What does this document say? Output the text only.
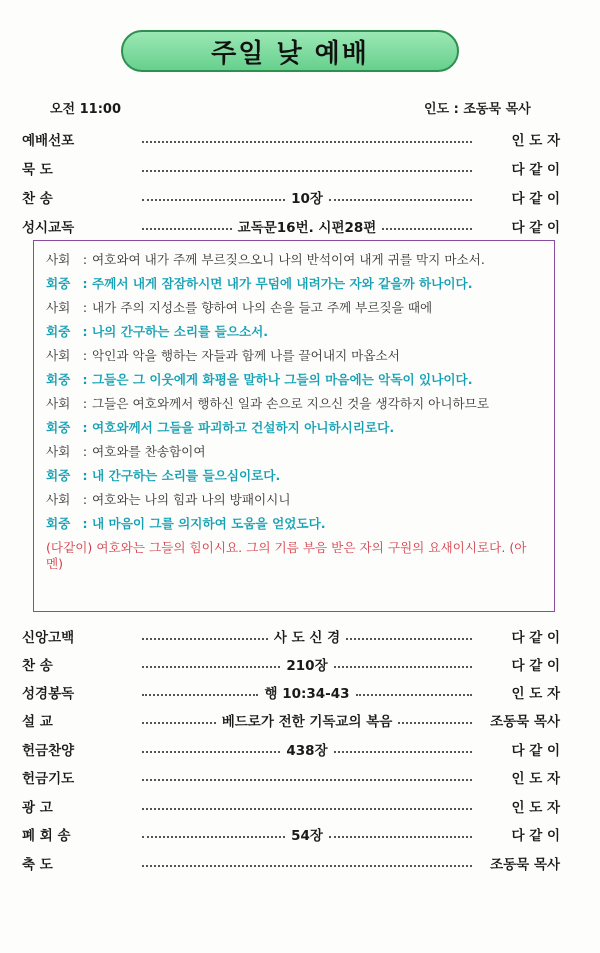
주일 낮 예배
오전 11:00	인도 : 조동묵 목사
예배선포	인 도 자
묵 도	다 같 이
찬 송	10장	다 같 이
성시교독	교독문16번. 시편28편	다 같 이
사회 : 여호와여 내가 주께 부르짖으오니 나의 반석이여 내게 귀를 막지 마소서.
회중 : 주께서 내게 잠잠하시면 내가 무덤에 내려가는 자와 같을까 하나이다.
사회 : 내가 주의 지성소를 향하여 나의 손을 들고 주께 부르짖을 때에
회중 : 나의 간구하는 소리를 들으소서.
사회 : 악인과 악을 행하는 자들과 함께 나를 끌어내지 마옵소서
회중 : 그들은 그 이웃에게 화평을 말하나 그들의 마음에는 악독이 있나이다.
사회 : 그들은 여호와께서 행하신 일과 손으로 지으신 것을 생각하지 아니하므로
회중 : 여호와께서 그들을 파괴하고 건설하지 아니하시리로다.
사회 : 여호와를 찬송함이여
회중 : 내 간구하는 소리를 들으심이로다.
사회 : 여호와는 나의 힘과 나의 방패이시니
회중 : 내 마음이 그를 의지하여 도움을 얻었도다.
(다같이) 여호와는 그들의 힘이시요. 그의 기름 부음 받은 자의 구원의 요새이시로다. (아멘)
신앙고백	사 도 신 경	다 같 이
찬 송	210장	다 같 이
성경봉독	행 10:34-43	인 도 자
설 교	베드로가 전한 기독교의 복음	조동묵 목사
헌금찬양	438장	다 같 이
헌금기도	인 도 자
광 고	인 도 자
폐 회 송	54장	다 같 이
축 도	조동묵 목사
